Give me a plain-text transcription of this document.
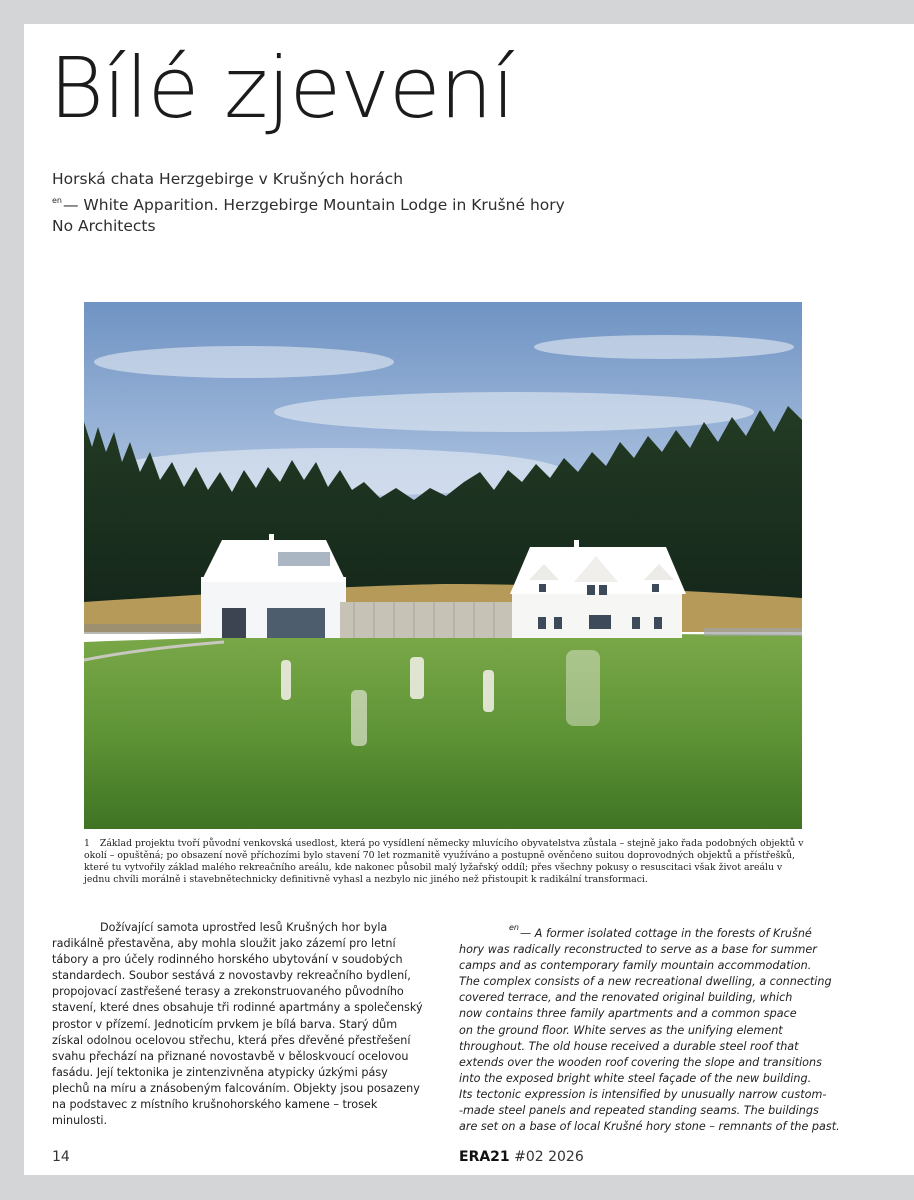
Bílé zjevení
Horská chata Herzgebirge v Krušných horách
$^{en}$— White Apparition. Herzgebirge Mountain Lodge in Krušné hory
No Architects
1 Základ projektu tvoří původní venkovská usedlost, která po vysídlení německy mluvícího obyvatelstva zůstala – stejně jako řada podobných objektů v okolí – opuštěná; po obsazení nově příchozími bylo stavení 70 let rozmanitě využíváno a postupně ověnčeno suitou doprovodných objektů a přístřešků, které tu vytvořily základ malého rekreačního areálu, kde nakonec působil malý lyžařský oddíl; přes všechny pokusy o resuscitaci však život areálu v jednu chvíli morálně i stavebnětechnicky definitivně vyhasl a nezbylo nic jiného než přistoupit k radikální transformaci.
Dožívající samota uprostřed lesů Krušných hor byla
radikálně přestavěna, aby mohla sloužit jako zázemí pro letní
tábory a pro účely rodinného horského ubytování v soudobých
standardech. Soubor sestává z novostavby rekreačního bydlení,
propojovací zastřešené terasy a zrekonstruovaného původního
stavení, které dnes obsahuje tři rodinné apartmány a společenský
prostor v přízemí. Jednoticím prvkem je bílá barva. Starý dům
získal odolnou ocelovou střechu, která přes dřevěné přestřešení
svahu přechází na přiznané novostavbě v běloskvoucí ocelovou
fasádu. Její tektonika je zintenzivněna atypicky úzkými pásy
plechů na míru a znásobeným falcováním. Objekty jsou posazeny
na podstavec z místního krušnohorského kamene – trosek
minulosti.
$^{en}$— A former isolated cottage in the forests of Krušné
hory was radically reconstructed to serve as a base for summer
camps and as contemporary family mountain accommodation.
The complex consists of a new recreational dwelling, a connecting
covered terrace, and the renovated original building, which
now contains three family apartments and a common space
on the ground floor. White serves as the unifying element
throughout. The old house received a durable steel roof that
extends over the wooden roof covering the slope and transitions
into the exposed bright white steel façade of the new building.
Its tectonic expression is intensified by unusually narrow custom-
-made steel panels and repeated standing seams. The buildings
are set on a base of local Krušné hory stone – remnants of the past.
14	ERA21 #02 2026
